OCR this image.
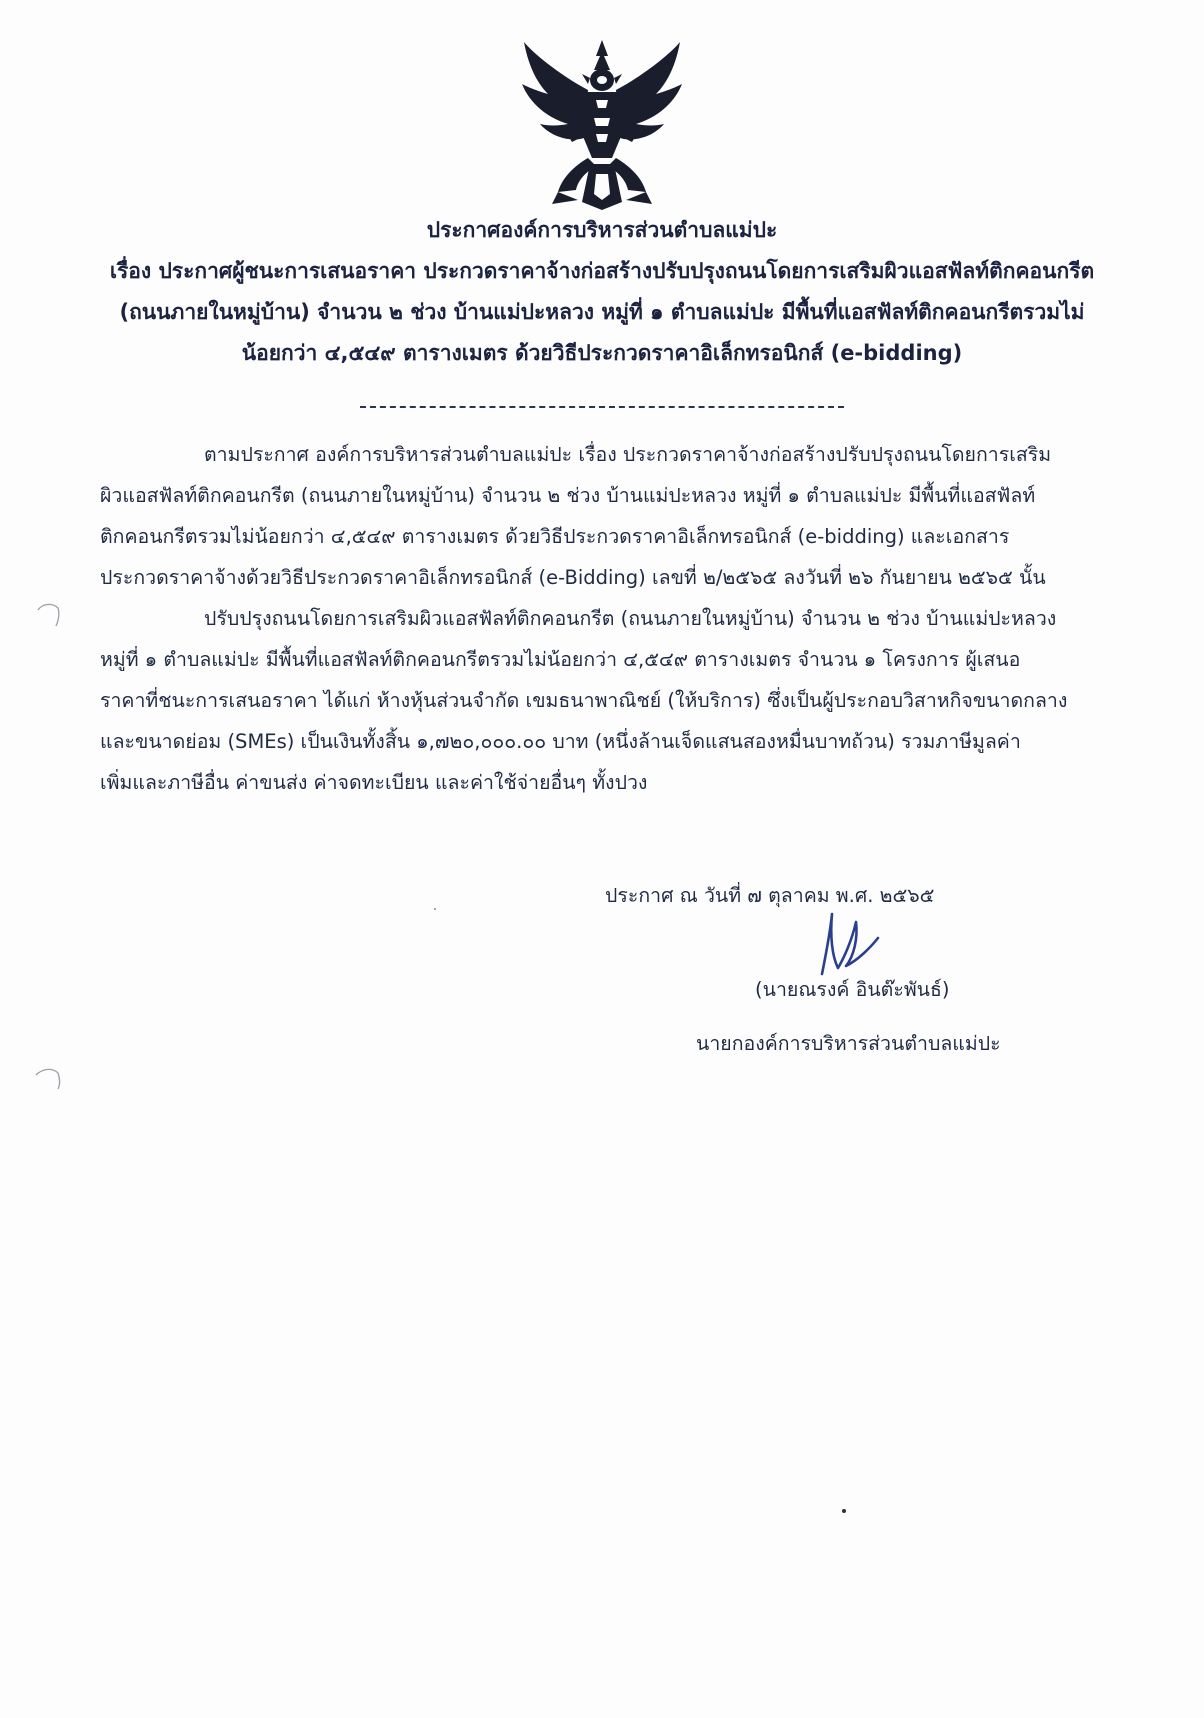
ประกาศองค์การบริหารส่วนตำบลแม่ปะ
เรื่อง ประกาศผู้ชนะการเสนอราคา ประกวดราคาจ้างก่อสร้างปรับปรุงถนนโดยการเสริมผิวแอสฟัลท์ติกคอนกรีต
(ถนนภายในหมู่บ้าน) จำนวน ๒ ช่วง บ้านแม่ปะหลวง หมู่ที่ ๑ ตำบลแม่ปะ มีพื้นที่แอสฟัลท์ติกคอนกรีตรวมไม่
น้อยกว่า ๔,๕๔๙ ตารางเมตร ด้วยวิธีประกวดราคาอิเล็กทรอนิกส์ (e-bidding)
ตามประกาศ องค์การบริหารส่วนตำบลแม่ปะ เรื่อง ประกวดราคาจ้างก่อสร้างปรับปรุงถนนโดยการเสริม
ผิวแอสฟัลท์ติกคอนกรีต (ถนนภายในหมู่บ้าน) จำนวน ๒ ช่วง บ้านแม่ปะหลวง หมู่ที่ ๑ ตำบลแม่ปะ มีพื้นที่แอสฟัลท์
ติกคอนกรีตรวมไม่น้อยกว่า ๔,๕๔๙ ตารางเมตร ด้วยวิธีประกวดราคาอิเล็กทรอนิกส์ (e-bidding) และเอกสาร
ประกวดราคาจ้างด้วยวิธีประกวดราคาอิเล็กทรอนิกส์ (e-Bidding) เลขที่ ๒/๒๕๖๕ ลงวันที่ ๒๖ กันยายน ๒๕๖๕ นั้น
ปรับปรุงถนนโดยการเสริมผิวแอสฟัลท์ติกคอนกรีต (ถนนภายในหมู่บ้าน) จำนวน ๒ ช่วง บ้านแม่ปะหลวง
หมู่ที่ ๑ ตำบลแม่ปะ มีพื้นที่แอสฟัลท์ติกคอนกรีตรวมไม่น้อยกว่า ๔,๕๔๙ ตารางเมตร จำนวน ๑ โครงการ ผู้เสนอ
ราคาที่ชนะการเสนอราคา ได้แก่ ห้างหุ้นส่วนจำกัด เขมธนาพาณิชย์ (ให้บริการ) ซึ่งเป็นผู้ประกอบวิสาหกิจขนาดกลาง
และขนาดย่อม (SMEs) เป็นเงินทั้งสิ้น ๑,๗๒๐,๐๐๐.๐๐ บาท (หนึ่งล้านเจ็ดแสนสองหมื่นบาทถ้วน) รวมภาษีมูลค่า
เพิ่มและภาษีอื่น ค่าขนส่ง ค่าจดทะเบียน และค่าใช้จ่ายอื่นๆ ทั้งปวง
ประกาศ ณ วันที่ ๗ ตุลาคม พ.ศ. ๒๕๖๕
(นายณรงค์ อินต๊ะพันธ์)
นายกองค์การบริหารส่วนตำบลแม่ปะ
